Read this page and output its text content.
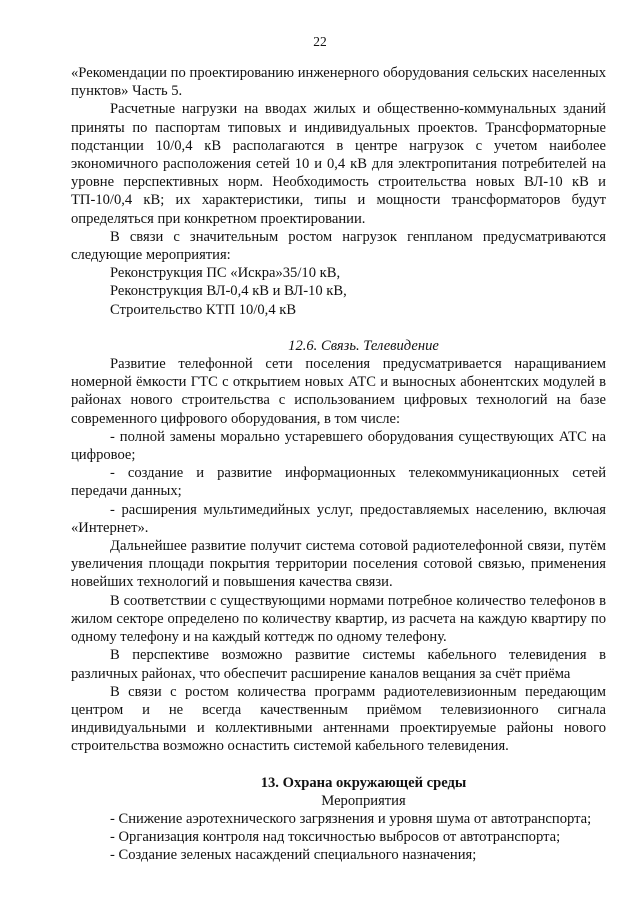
22

«Рекомендации по проектированию инженерного оборудования сельских населенных пунктов» Часть 5.

Расчетные нагрузки на вводах жилых и общественно-коммунальных зданий приняты по паспортам типовых и индивидуальных проектов. Трансформаторные подстанции 10/0,4 кВ располагаются в центре нагрузок с учетом наиболее экономичного расположения сетей 10 и 0,4 кВ для электропитания потребителей на уровне перспективных норм. Необходимость строительства новых ВЛ-10 кВ и ТП-10/0,4 кВ; их характеристики, типы и мощности трансформаторов будут определяться при конкретном проектировании.

В связи с значительным ростом нагрузок генпланом предусматриваются следующие мероприятия:

Реконструкция ПС «Искра»35/10 кВ,

Реконструкция ВЛ-0,4 кВ и ВЛ-10 кВ,

Строительство КТП 10/0,4 кВ

12.6. Связь. Телевидение

Развитие телефонной сети поселения предусматривается наращиванием номерной ёмкости ГТС с открытием новых АТС и выносных абонентских модулей в районах нового строительства с использованием цифровых технологий на базе современного цифрового оборудования, в том числе:

- полной замены морально устаревшего оборудования существующих АТС на цифровое;

- создание и развитие информационных телекоммуникационных сетей передачи данных;

- расширения мультимедийных услуг, предоставляемых населению, включая «Интернет».

Дальнейшее развитие получит система сотовой радиотелефонной связи, путём увеличения площади покрытия территории поселения сотовой связью, применения новейших технологий и повышения качества связи.

В соответствии с существующими нормами потребное количество телефонов в жилом секторе определено по количеству квартир, из расчета на каждую квартиру по одному телефону и на каждый коттедж по одному телефону.

В перспективе возможно развитие системы кабельного телевидения в различных районах, что обеспечит расширение каналов вещания за счёт приёма

В связи с ростом количества программ радиотелевизионным передающим центром и не всегда качественным приёмом телевизионного сигнала индивидуальными и коллективными антеннами проектируемые районы нового строительства возможно оснастить системой кабельного телевидения.

13. Охрана окружающей среды

Мероприятия

- Снижение аэротехнического загрязнения и уровня шума от автотранспорта;

- Организация контроля над токсичностью выбросов от автотранспорта;

- Создание зеленых насаждений специального назначения;
